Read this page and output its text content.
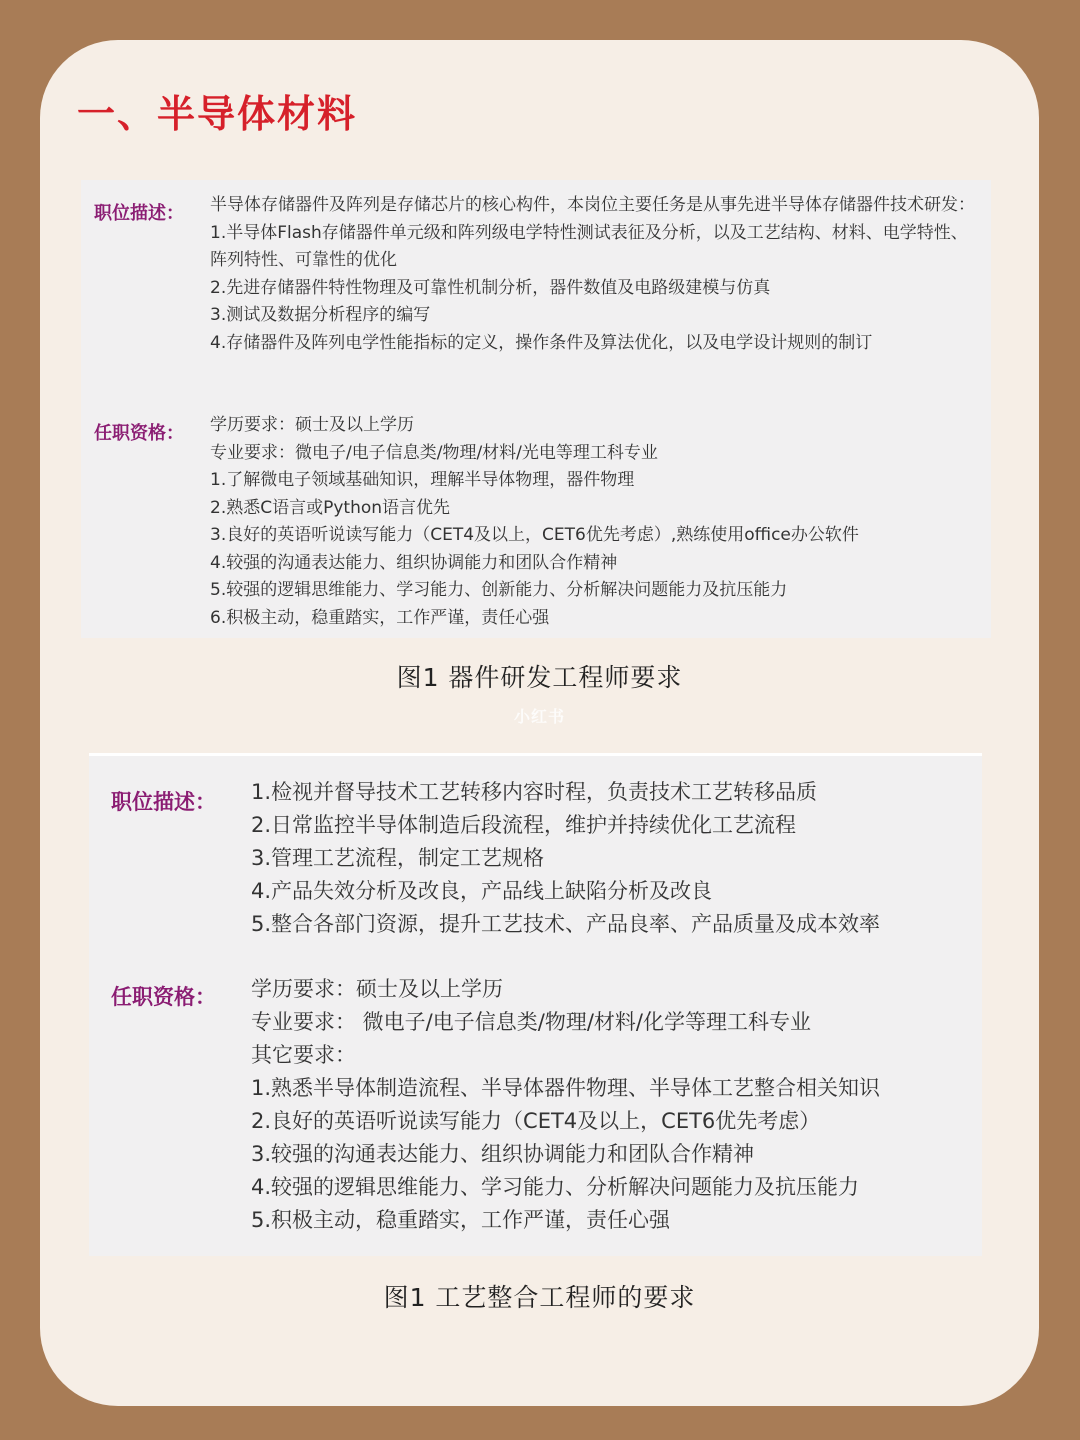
一、半导体材料
职位描述： 半导体存储器件及阵列是存储芯片的核心构件，本岗位主要任务是从事先进半导体存储器件技术研发：
1.半导体Flash存储器件单元级和阵列级电学特性测试表征及分析，以及工艺结构、材料、电学特性、阵列特性、可靠性的优化
2.先进存储器件特性物理及可靠性机制分析，器件数值及电路级建模与仿真
3.测试及数据分析程序的编写
4.存储器件及阵列电学性能指标的定义，操作条件及算法优化，以及电学设计规则的制订
任职资格： 学历要求：硕士及以上学历
专业要求：微电子/电子信息类/物理/材料/光电等理工科专业
1.了解微电子领域基础知识，理解半导体物理，器件物理
2.熟悉C语言或Python语言优先
3.良好的英语听说读写能力（CET4及以上，CET6优先考虑）,熟练使用office办公软件
4.较强的沟通表达能力、组织协调能力和团队合作精神
5.较强的逻辑思维能力、学习能力、创新能力、分析解决问题能力及抗压能力
6.积极主动，稳重踏实，工作严谨，责任心强

图1 器件研发工程师要求

小红书
职位描述： 1.检视并督导技术工艺转移内容时程，负责技术工艺转移品质
2.日常监控半导体制造后段流程，维护并持续优化工艺流程
3.管理工艺流程，制定工艺规格
4.产品失效分析及改良，产品线上缺陷分析及改良
5.整合各部门资源，提升工艺技术、产品良率、产品质量及成本效率
任职资格： 学历要求：硕士及以上学历
专业要求： 微电子/电子信息类/物理/材料/化学等理工科专业
其它要求：
1.熟悉半导体制造流程、半导体器件物理、半导体工艺整合相关知识
2.良好的英语听说读写能力（CET4及以上，CET6优先考虑）
3.较强的沟通表达能力、组织协调能力和团队合作精神
4.较强的逻辑思维能力、学习能力、分析解决问题能力及抗压能力
5.积极主动，稳重踏实，工作严谨，责任心强

图1 工艺整合工程师的要求
